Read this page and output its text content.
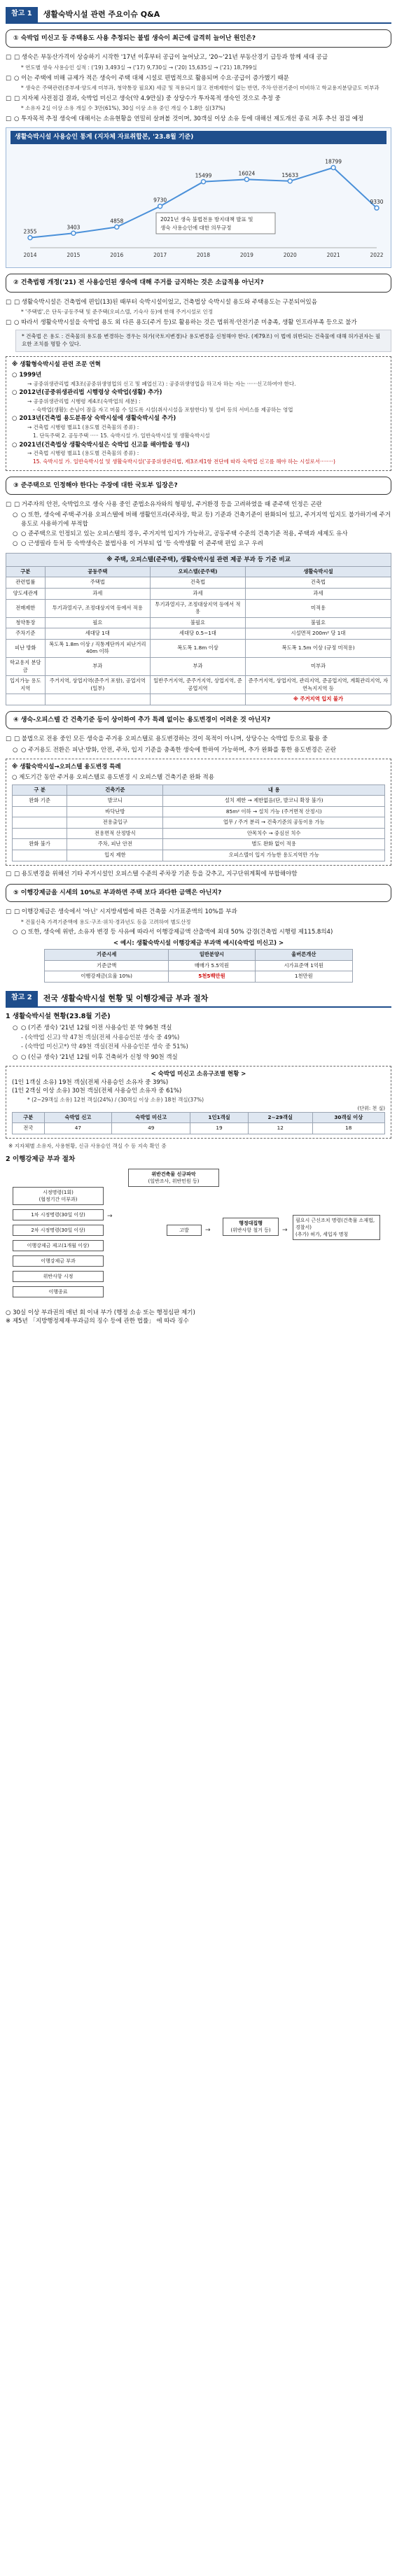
참고 1	생활숙박시설 관련 주요이슈 Q&A
① 숙박업 미신고 등 주택용도 사용 추정되는 불법 생숙이 최근에 급격히 늘어난 원인은?
□ □ 생숙은 부동산가격이 상승하기 시작한 '17년 이후부터 공급이 늘어났고, '20~'21년 부동산경기 급등과 함께 세대 공급
* 연도별 생숙 사용승인 실적 : ('19) 3,493실 → ('17) 9,730실 → ('20) 15,635실 → ('21) 18,799실
□ ○ 이는 주택에 비해 규제가 적은 생숙이 주택 대체 시설로 편법적으로 활용되며 수요·공급이 증가했기 때문
* 생숙은 주택관련(종부세·양도세 미부과, 청약통장 필요X) 세금 및 적용되지 않고 전매제한이 없는 반면, 주차·안전기준이 미비하고 학교용지분담금도 미부과
□ □ 지자체 사전점검 결과, 숙박업 미신고 생숙(약 4.9만실) 중 상당수가 투자목적 생숙인 것으로 추정 중
* 소유자 2실 이상 소유 개실 수 3만(61%), 30실 이상 소유 중인 개실 수 1.8만 실(37%)
□ ○ 투자목적 추정 생숙에 대해서는 소유현황을 연밀히 살펴볼 것이며, 30객실 이상 소유 등에 대해선 제도개선 종료 저후 추선 점검 예정
생활숙박시설 사용승인 통계 (지자체 자료취합본, '23.8월 기준)
2355
2014
3403
2015
4858
2016
9730
2017
15499
2018
16024
2019
15633
2020
18799
2021
9330
2022
2021년 생숙 불법전용 방지대책 발표 및
생숙 사용승인에 대한 의무규정
② 건축법령 개정('21) 전 사용승인된 생숙에 대해 주거를 금지하는 것은 소급적용 아닌지?
□ □ 생활숙박시설은 건축법에 편입(13)된 때부터 숙박시설이었고, 건축법상 숙박시설 용도와 주택용도는 구분되어있음
* '주택법',은 단독·공동주택 및 준주택(오피스텔, 기숙사 등)에 한해 주거시설로 인정
□ ○ 따라서 생활숙박시설을 숙박업 용도 외 다른 용도(주거 등)로 활용하는 것은 법위적·안전기준 미충족, 생활 인프라부족 등으로 불가
* 건축법 은 용도 : 건축물의 용도를 변경하는 경우는 허가(국토지변경)나 용도변경을 신청해야 한다. (제79조) 이 법에 위반되는 건축물에 대해 허가권자는 필요한 조치를 명할 수 있다.
※ 생활형숙박시설 관련 조문 연혁
○ 1999년
→ 공중위생관리법 제3조(공중위생영업의 신고 및 폐업신고) : 공중위생영업을 하고자 하는 자는 ······신고하여야 한다.
○ 2012년(공중위생관리법 시행령상 숙박업(생활) 추가)
→ 공중위생관리법 시행령 제4조(숙박업의 세분) :
- 숙박업(생활): 손님이 잠을 자고 머물 수 있도록 시설(취사시설을 포함한다) 및 설비 등의 서비스를 제공하는 영업
○ 2013년(건축법 용도분류상 숙박시설에 생활숙박시설 추가)
→ 건축법 시행령 별표1 (용도별 건축물의 종류) :
1. 단독주택 2. 공동주택 ····· 15. 숙박시설 가. 일반숙박시설 및 생활숙박시설
○ 2021년(건축법상 생활숙박시설은 숙박업 신고를 해야함을 명시)
→ 건축법 시행령 별표1 (용도별 건축물의 종류) :
15. 숙박시설 가. 일반숙박시설 및 생활숙박시설('공중위생관리법, 제3조제1항 전단에 따라 숙박업 신고를 해야 하는 시설로서········)
③ 준주택으로 인정해야 한다는 주장에 대한 국토부 입장은?
□ □ 거주자의 안전, 숙박업으로 생숙 사용 중인 준법소유자와의 형평성, 주거환경 등을 고려하였을 때 준주택 인정은 곤란
○ ○ 또한, 생숙에 주택·주거용 오피스텔에 버해 생활인프라(주차장, 학교 등) 기준과 건축기준이 완화되어 있고, 주거지역 입지도 불가하기에 주거용도로 사용하기에 부적합
○ ○ 준주택으로 인정되고 있는 오피스텔의 경우, 주거지역 입지가 가능하고, 공동주택 수준의 건축기준 적용, 주택과 세제도 유사
○ ○ 근생필라 등처 등 숙박생숙은 불법사용 이 거부되 업 '등 숙박생활 이 준주택 편입 요구 우려
※ 주택, 오피스텔(준주택), 생활숙박시설 관련 제공 부과 등 기준 비교
구분	공동주택	오피스텔(준주택)	생활숙박시설
관련법률	주택법	건축법	건축법
양도세관계	과세	과세	과세
전매제한	투기과열지구, 조정대상지역 등에서 적용	투기과열지구, 조정대상지역 등에서 적용	미적용
청약통장	필요	불필요	불필요
주차기준	세대당 1대	세대당 0.5~1대	시설면적 200m² 당 1대
피난 방화	복도폭 1.8m 이상 / 직통계단까지 피난거리 40m 이하	복도폭 1.8m 이상	복도폭 1.5m 이상 (규정 미적용)
학교용지 분담금	부과	부과	미부과
입지가능 용도지역	주거지역, 상업지역(준주거 포함), 공업지역(일부)	일반주거지역, 준주거지역, 상업지역, 준공업지역	준주거지역, 상업지역, 관리지역, 준공업지역, 계획관리지역, 자연녹지지역 등
			※ 주거지역 입지 불가
④ 생숙-오피스텔 간 건축기준 등이 상이하여 추가 특례 없이는 용도변경이 어려운 것 아닌지?
□ □ 불법으로 전용 중인 모든 생숙을 주거용 오피스텔로 용도변경하는 것이 목적이 아니며, 상당수는 숙박업 등으로 활용 중
○ ○ 주거용도 전환은 피난·방화, 안전, 주차, 입지 기준을 충족한 생숙에 한하여 가능하며, 추가 완화를 통한 용도변경은 곤란
※ 생활숙박시설→오피스텔 용도변경 특례
○ 제도기간 동안 주거용 오피스텔로 용도변경 시 오피스텔 건축기준 완화 적용
구 분	건축기준	내 용
완화 기준	발코니	설치 제한 → 제한없음(단, 발코니 확장 불가)
	바닥난방	85m² 이하 → 설치 가능 (주거면적 산정시)
	전용출입구	업무 / 주거 분리 → 건축기준의 공동이용 가능
	전용면적 산정방식	안목치수 → 중심선 치수
완화 불가	주차, 피난 안전	별도 완화 없이 적용
	입지 제한	오피스텔이 입지 가능한 용도지역만 가능
□ □ 용도변경을 위해선 기타 주거시설인 오피스텔 수준의 주차장 기준 등을 갖추고, 지구단위계획에 부합해야함
⑤ 이행강제금을 시세의 10%로 부과하면 주택 보다 과다한 금액은 아닌지?
□ □ 이행강제금은 생숙에서 '아닌' 시지방세법에 따른 건축물 시가표준액의 10%를 부과
* 건물신축 가격기준액에 용도·구조·위치·경과년도 등을 고려하여 별도산정
○ ○ 또한, 생숙에 위반, 소유자 변경 등 사유에 따라서 이행강제금액 산출액에 최대 50% 감경(건축법 시행령 제115.8의4)
< 예시: 생활숙박시설 이행강제금 부과액 예시(숙박업 미신고) >
기준시세	일반분양시	울버른개산
기준금액	매매가 5.5억원	시가표준액 1억원
이행강제금(요율 10%)	5천5백만원	1천만원
참고 2	전국 생활숙박시설 현황 및 이행강제금 부과 절차
1 생활숙박시설 현황(23.8월 기준)
○ ○ (기존 생숙) '21년 12월 이전 사용승인 분 약 96천 객실
- (숙박업 신고) 약 47천 객실(전체 사용승인분 생숙 중 49%)
- (숙박업 미신고*) 약 49천 객실(전체 사용승인분 생숙 중 51%)
○ ○ (신규 생숙) '21년 12월 이후 건축허가 신청 약 90천 객실
< 숙박업 미신고 소유구조별 현황 >
(1인 1객실 소유) 19천 객실(전체 사용승인 소유자 중 39%)
(1인 2객실 이상 소유) 30천 객실(전체 사용승인 소유자 중 61%)
* (2~29객실 소유) 12천 객실(24%) / (30객실 이상 소유) 18천 객실(37%)
(단위: 천 실)
구분	숙박업 신고	숙박업 미신고	1인1객실	2~29객실	30객실 이상
전국	47	49	19	12	18
※ 지자체별 소유자, 사용현황, 신규 사용승인 객실 수 등 지속 확인 중
2 이행강제금 부과 절차
위반건축물 신규파악
(일반조사, 위반민원 등)
시정명령(1회)
(협정기간 미부과)
1차 시정명령(30일 이상)
2차 시정명령(30일 이상)
이행강제금 제고(1개월 이상)
이행강제금 부과
위반사항 시정
이행종료
고발
행정대집행
(위반사항 철거 등)
필요시 근신조치 명령(건축물 소재법, 경찰서)
(추가) 허가, 세입자 명칭
→
→	→
○ 30실 이상 부과권의 매년 회 이내 부가 (행정 소송 또는 행정심판 제기)
※ 제5년 「지방행정제재·부과금의 징수 등에 관한 법률」 에 따라 징수
